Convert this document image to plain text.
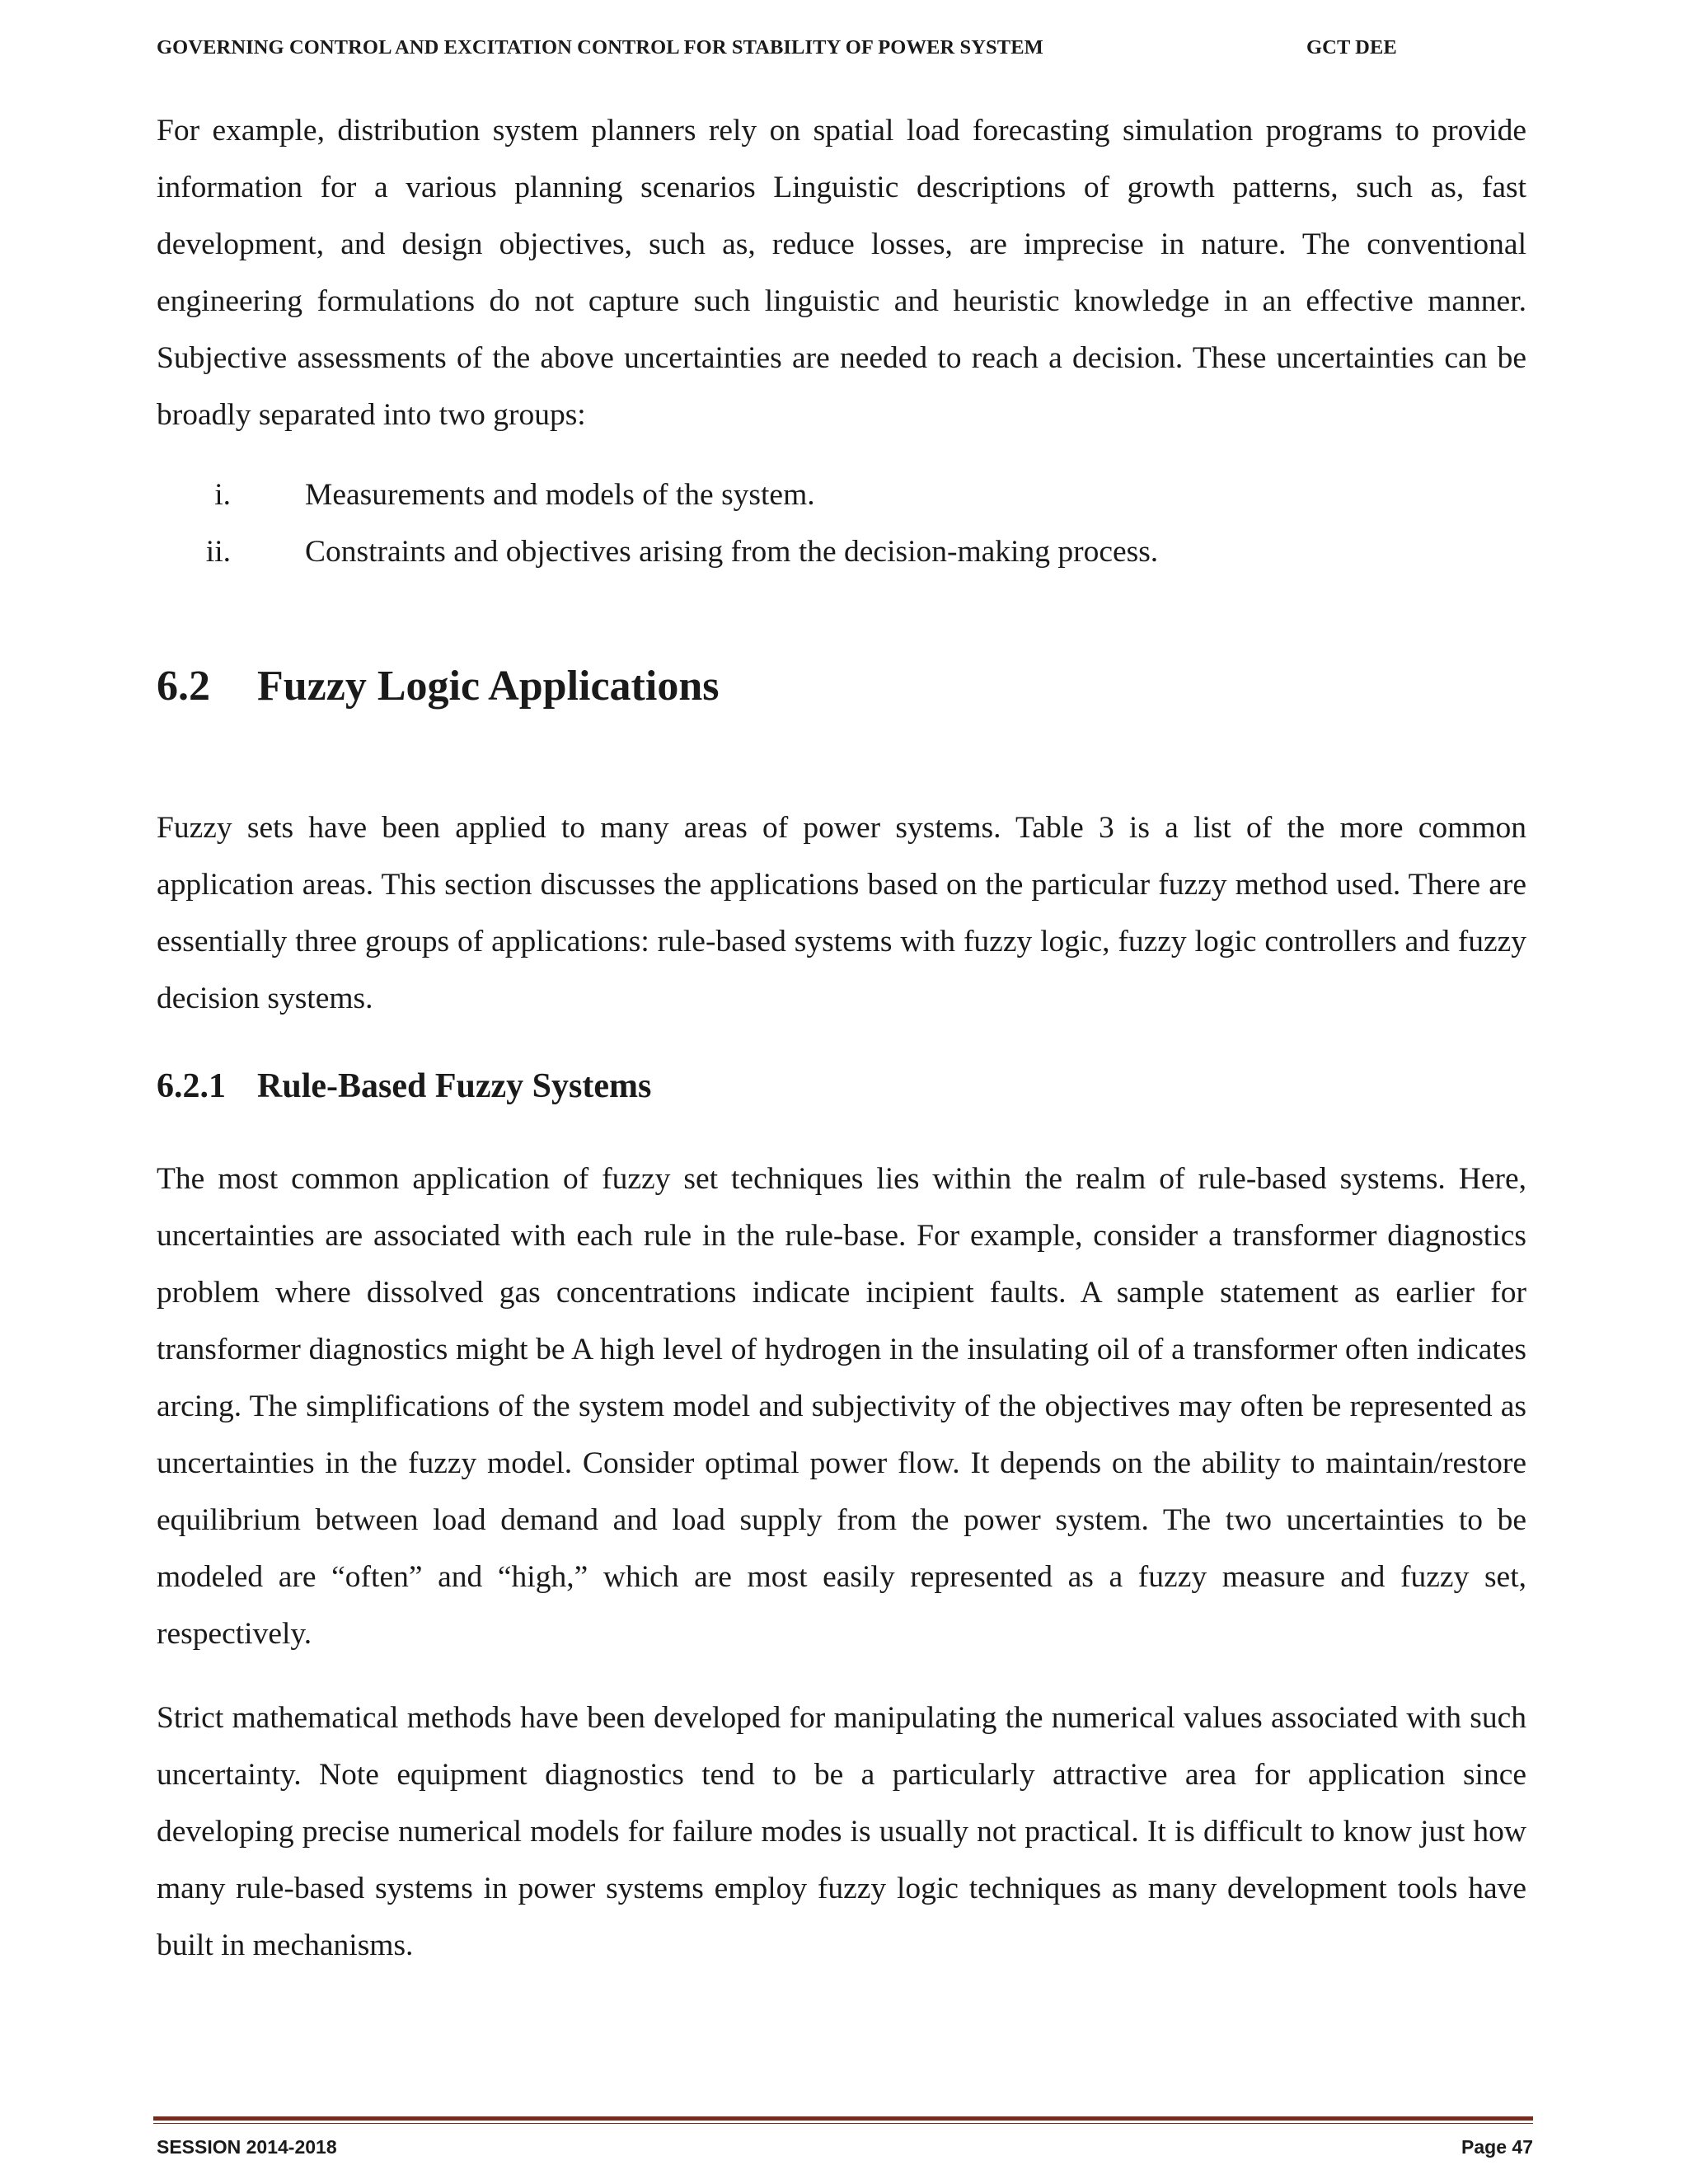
GOVERNING CONTROL AND EXCITATION CONTROL FOR STABILITY OF POWER SYSTEM	GCT DEE

For example, distribution system planners rely on spatial load forecasting simulation programs to provide information for a various planning scenarios Linguistic descriptions of growth patterns, such as, fast development, and design objectives, such as, reduce losses, are imprecise in nature. The conventional engineering formulations do not capture such linguistic and heuristic knowledge in an effective manner. Subjective assessments of the above uncertainties are needed to reach a decision. These uncertainties can be broadly separated into two groups:

i. Measurements and models of the system.
ii. Constraints and objectives arising from the decision-making process.
6.2 Fuzzy Logic Applications

Fuzzy sets have been applied to many areas of power systems. Table 3 is a list of the more common application areas. This section discusses the applications based on the particular fuzzy method used. There are essentially three groups of applications: rule-based systems with fuzzy logic, fuzzy logic controllers and fuzzy decision systems.

6.2.1 Rule-Based Fuzzy Systems

The most common application of fuzzy set techniques lies within the realm of rule-based systems. Here, uncertainties are associated with each rule in the rule-base. For example, consider a transformer diagnostics problem where dissolved gas concentrations indicate incipient faults. A sample statement as earlier for transformer diagnostics might be A high level of hydrogen in the insulating oil of a transformer often indicates arcing. The simplifications of the system model and subjectivity of the objectives may often be represented as uncertainties in the fuzzy model. Consider optimal power flow. It depends on the ability to maintain/restore equilibrium between load demand and load supply from the power system. The two uncertainties to be modeled are “often” and “high,” which are most easily represented as a fuzzy measure and fuzzy set, respectively.

Strict mathematical methods have been developed for manipulating the numerical values associated with such uncertainty. Note equipment diagnostics tend to be a particularly attractive area for application since developing precise numerical models for failure modes is usually not practical. It is difficult to know just how many rule-based systems in power systems employ fuzzy logic techniques as many development tools have built in mechanisms.

SESSION 2014-2018	Page 47
